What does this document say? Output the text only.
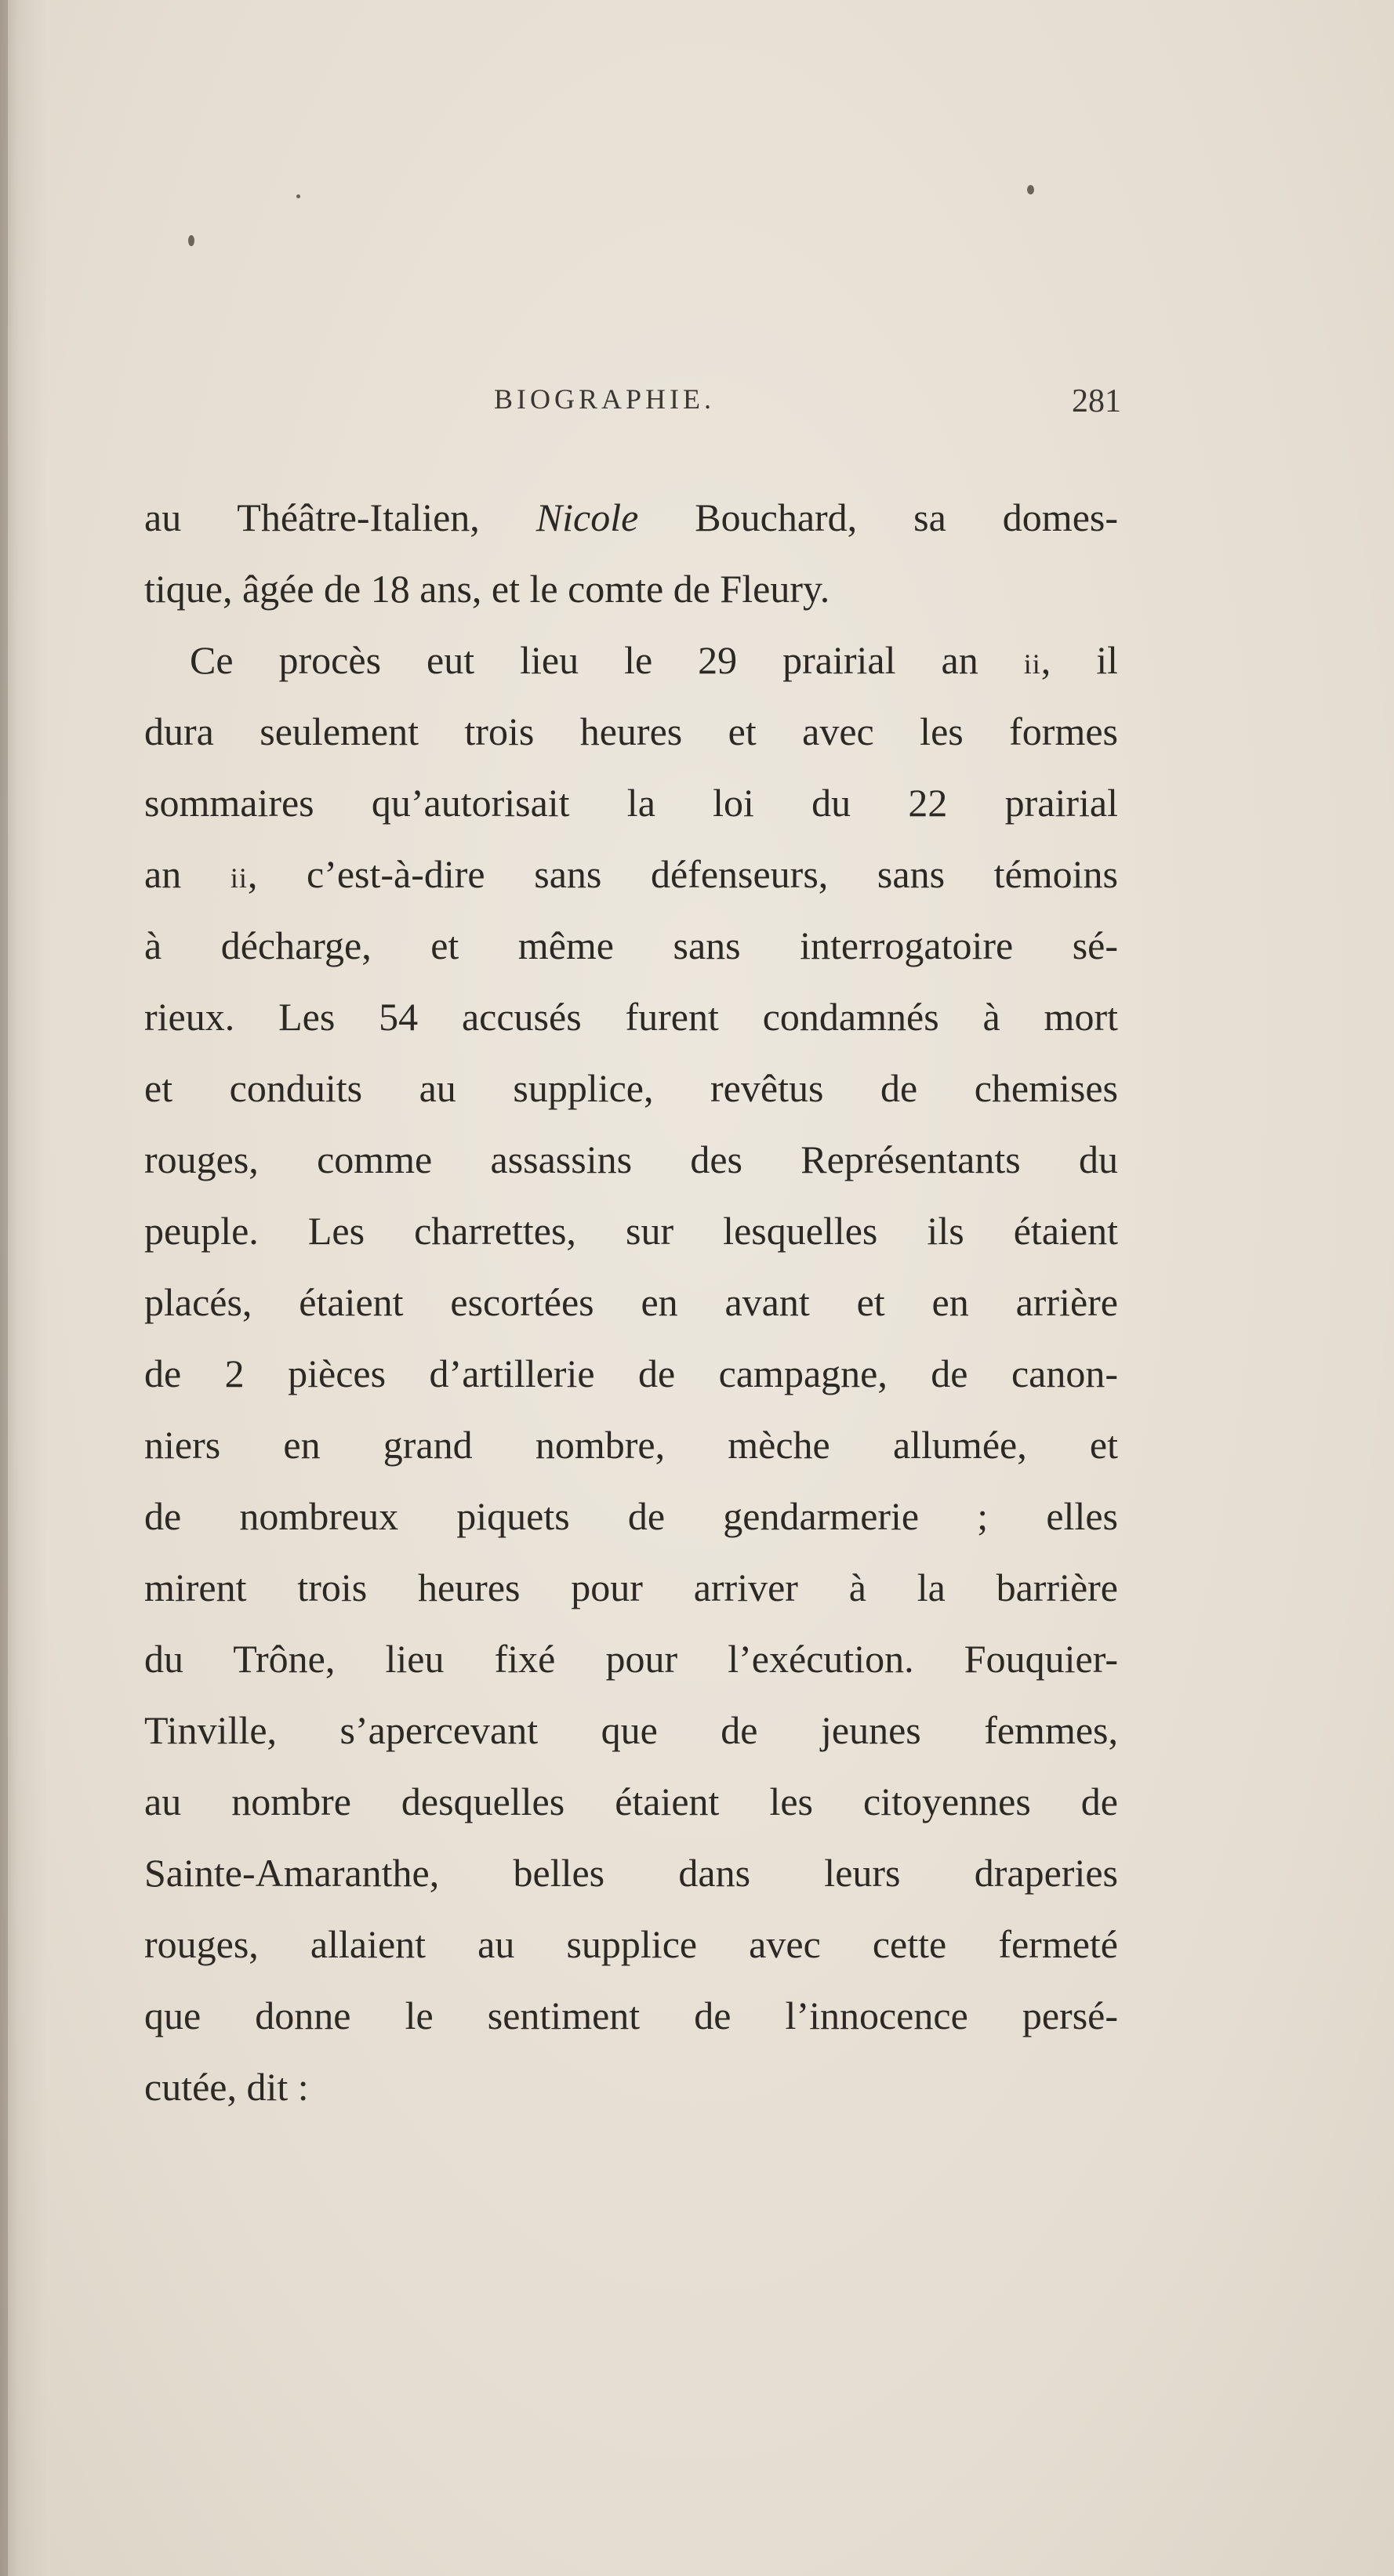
BIOGRAPHIE.	281
au Théâtre-Italien, Nicole Bouchard, sa domes-
tique, âgée de 18 ans, et le comte de Fleury.
Ce procès eut lieu le 29 prairial an ii, il
dura seulement trois heures et avec les formes
sommaires qu’autorisait la loi du 22 prairial
an ii, c’est-à-dire sans défenseurs, sans témoins
à décharge, et même sans interrogatoire sé-
rieux. Les 54 accusés furent condamnés à mort
et conduits au supplice, revêtus de chemises
rouges, comme assassins des Représentants du
peuple. Les charrettes, sur lesquelles ils étaient
placés, étaient escortées en avant et en arrière
de 2 pièces d’artillerie de campagne, de canon-
niers en grand nombre, mèche allumée, et
de nombreux piquets de gendarmerie ; elles
mirent trois heures pour arriver à la barrière
du Trône, lieu fixé pour l’exécution. Fouquier-
Tinville, s’apercevant que de jeunes femmes,
au nombre desquelles étaient les citoyennes de
Sainte-Amaranthe, belles dans leurs draperies
rouges, allaient au supplice avec cette fermeté
que donne le sentiment de l’innocence persé-
cutée, dit :
